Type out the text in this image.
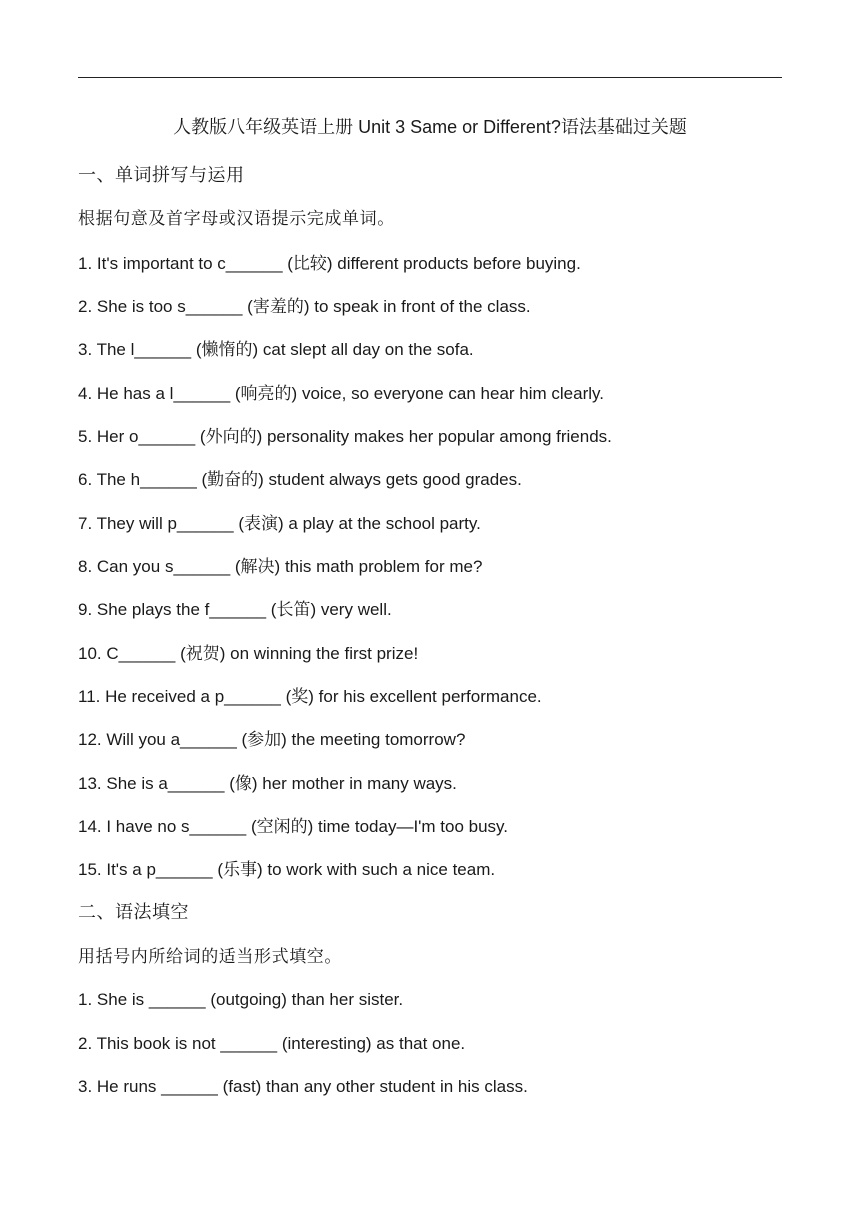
人教版八年级英语上册 Unit 3 Same or Different?语法基础过关题
一、单词拼写与运用
根据句意及首字母或汉语提示完成单词。
1. It's important to c______ (比较) different products before buying.
2. She is too s______ (害羞的) to speak in front of the class.
3. The l______ (懒惰的) cat slept all day on the sofa.
4. He has a l______ (响亮的) voice, so everyone can hear him clearly.
5. Her o______ (外向的) personality makes her popular among friends.
6. The h______ (勤奋的) student always gets good grades.
7. They will p______ (表演) a play at the school party.
8. Can you s______ (解决) this math problem for me?
9. She plays the f______ (长笛) very well.
10. C______ (祝贺) on winning the first prize!
11. He received a p______ (奖) for his excellent performance.
12. Will you a______ (参加) the meeting tomorrow?
13. She is a______ (像) her mother in many ways.
14. I have no s______ (空闲的) time today—I'm too busy.
15. It's a p______ (乐事) to work with such a nice team.
二、语法填空
用括号内所给词的适当形式填空。
1. She is ______ (outgoing) than her sister.
2. This book is not ______ (interesting) as that one.
3. He runs ______ (fast) than any other student in his class.
